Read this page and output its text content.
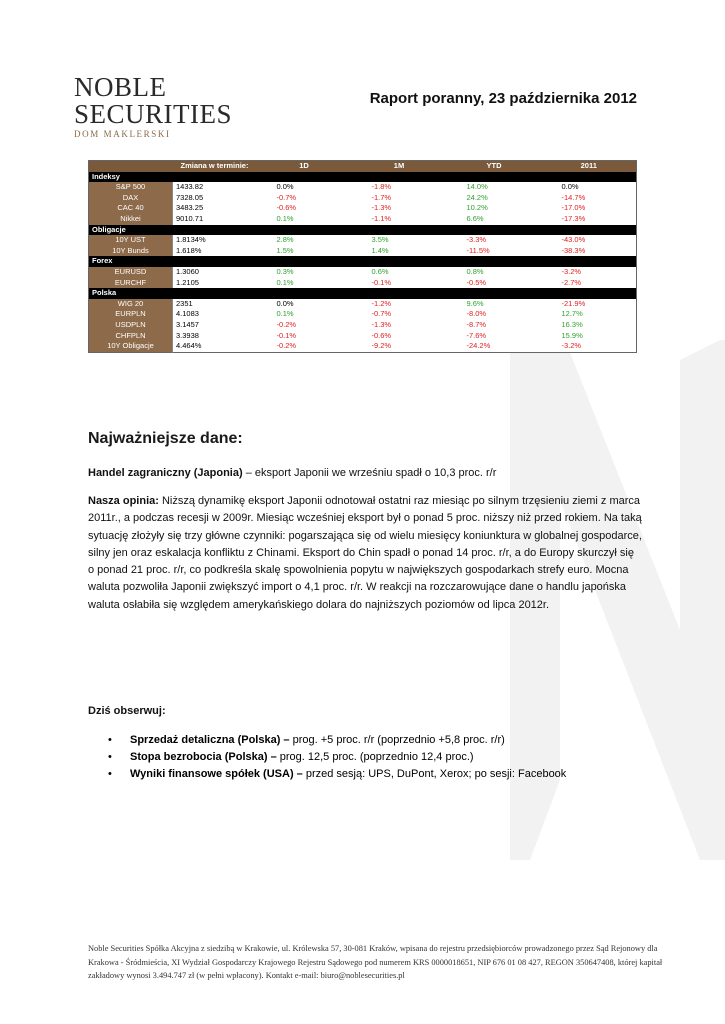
NOBLE
SECURITIES
DOM MAKLERSKI
Raport poranny, 23 października 2012
	Zmiana w terminie:	1D	1M	YTD	2011
Indeksy					
S&P 500	1433.82	0.0%	-1.8%	14.0%	0.0%
DAX	7328.05	-0.7%	-1.7%	24.2%	-14.7%
CAC 40	3483.25	-0.6%	-1.3%	10.2%	-17.0%
Nikkei	9010.71	0.1%	-1.1%	6.6%	-17.3%
Obligacje					
10Y UST	1.8134%	2.8%	3.5%	-3.3%	-43.0%
10Y Bunds	1.618%	1.5%	1.4%	-11.5%	-38.3%
Forex					
EURUSD	1.3060	0.3%	0.6%	0.8%	-3.2%
EURCHF	1.2105	0.1%	-0.1%	-0.5%	-2.7%
Polska					
WIG 20	2351	0.0%	-1.2%	9.6%	-21.9%
EURPLN	4.1083	0.1%	-0.7%	-8.0%	12.7%
USDPLN	3.1457	-0.2%	-1.3%	-8.7%	16.3%
CHFPLN	3.3938	-0.1%	-0.6%	-7.6%	15.9%
10Y Obligacje	4.464%	-0.2%	-9.2%	-24.2%	-3.2%
Najważniejsze dane:
Handel zagraniczny (Japonia) – eksport Japonii we wrześniu spadł o 10,3 proc. r/r
Nasza opinia: Niższą dynamikę eksport Japonii odnotował ostatni raz miesiąc po silnym trzęsieniu ziemi z marca 2011r., a podczas recesji w 2009r. Miesiąc wcześniej eksport był o ponad 5 proc. niższy niż przed rokiem. Na taką sytuację złożyły się trzy główne czynniki: pogarszająca się od wielu miesięcy koniunktura w globalnej gospodarce, silny jen oraz eskalacja konfliktu z Chinami. Eksport do Chin spadł o ponad 14 proc. r/r, a do Europy skurczył się o ponad 21 proc. r/r, co podkreśla skalę spowolnienia popytu w największych gospodarkach strefy euro. Mocna waluta pozwoliła Japonii zwiększyć import o 4,1 proc. r/r. W reakcji na rozczarowujące dane o handlu japońska waluta osłabiła się względem amerykańskiego dolara do najniższych poziomów od lipca 2012r.
Dziś obserwuj:
• Sprzedaż detaliczna (Polska) – prog. +5 proc. r/r (poprzednio +5,8 proc. r/r)
• Stopa bezrobocia (Polska) – prog. 12,5 proc. (poprzednio 12,4 proc.)
• Wyniki finansowe spółek (USA) – przed sesją: UPS, DuPont, Xerox; po sesji: Facebook
Noble Securities Spółka Akcyjna z siedzibą w Krakowie, ul. Królewska 57, 30-081 Kraków, wpisana do rejestru przedsiębiorców prowadzonego przez Sąd Rejonowy dla Krakowa - Śródmieścia, XI Wydział Gospodarczy Krajowego Rejestru Sądowego pod numerem KRS 0000018651, NIP 676 01 08 427, REGON 350647408, której kapitał zakładowy wynosi 3.494.747 zł (w pełni wpłacony). Kontakt e-mail: biuro@noblesecurities.pl
